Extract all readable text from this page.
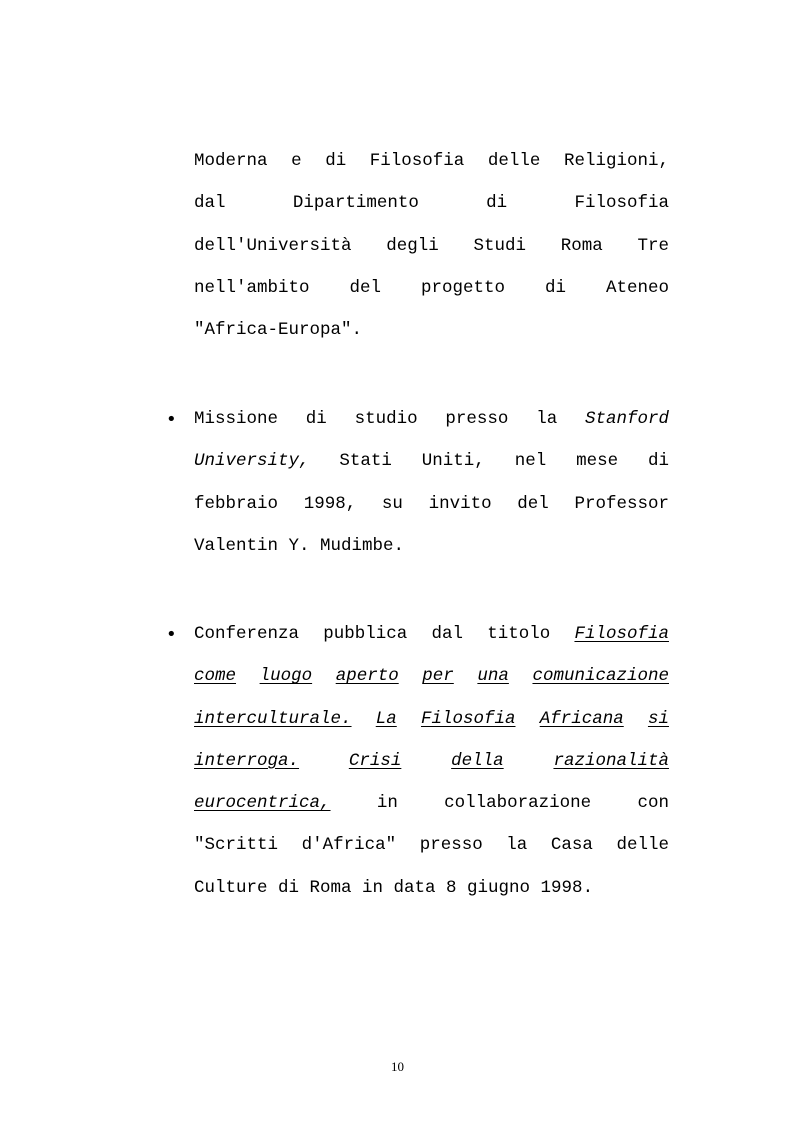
Moderna e di Filosofia delle Religioni,
dal	Dipartimento	di	Filosofia
dell'Università degli Studi Roma Tre
nell'ambito del progetto di Ateneo
"Africa-Europa".
• Missione di studio presso la Stanford
University, Stati Uniti, nel mese di
febbraio 1998, su invito del Professor
Valentin Y. Mudimbe.
• Conferenza pubblica dal titolo Filosofia
come luogo aperto per una comunicazione
interculturale. La Filosofia Africana si
interroga.	Crisi	della	razionalità
eurocentrica,	in	collaborazione	con
"Scritti d'Africa" presso la Casa delle
Culture di Roma in data 8 giugno 1998.
10
